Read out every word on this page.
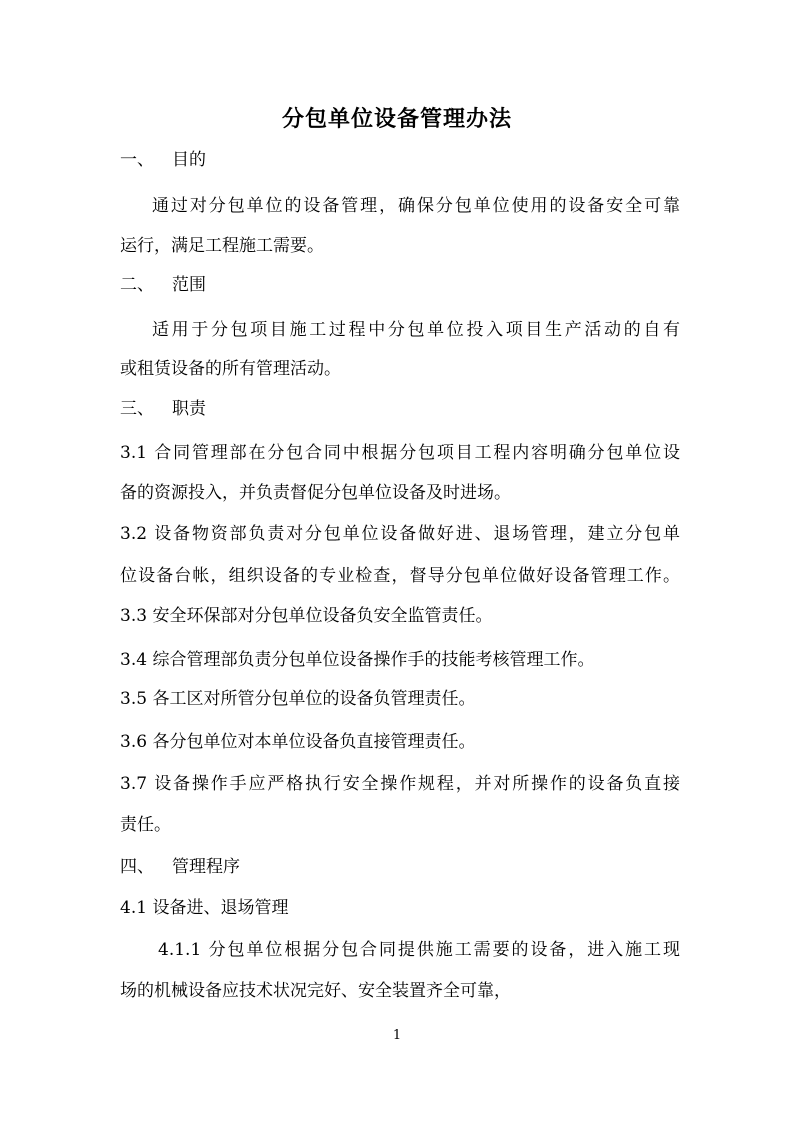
分包单位设备管理办法
一、 目的
通过对分包单位的设备管理，确保分包单位使用的设备安全可靠
运行，满足工程施工需要。
二、 范围
适用于分包项目施工过程中分包单位投入项目生产活动的自有
或租赁设备的所有管理活动。
三、 职责
3.1 合同管理部在分包合同中根据分包项目工程内容明确分包单位设
备的资源投入，并负责督促分包单位设备及时进场。
3.2 设备物资部负责对分包单位设备做好进、退场管理，建立分包单
位设备台帐，组织设备的专业检查，督导分包单位做好设备管理工作。
3.3 安全环保部对分包单位设备负安全监管责任。
3.4 综合管理部负责分包单位设备操作手的技能考核管理工作。
3.5 各工区对所管分包单位的设备负管理责任。
3.6 各分包单位对本单位设备负直接管理责任。
3.7 设备操作手应严格执行安全操作规程，并对所操作的设备负直接
责任。
四、 管理程序
4.1 设备进、退场管理
4.1.1 分包单位根据分包合同提供施工需要的设备，进入施工现
场的机械设备应技术状况完好、安全装置齐全可靠，
1
